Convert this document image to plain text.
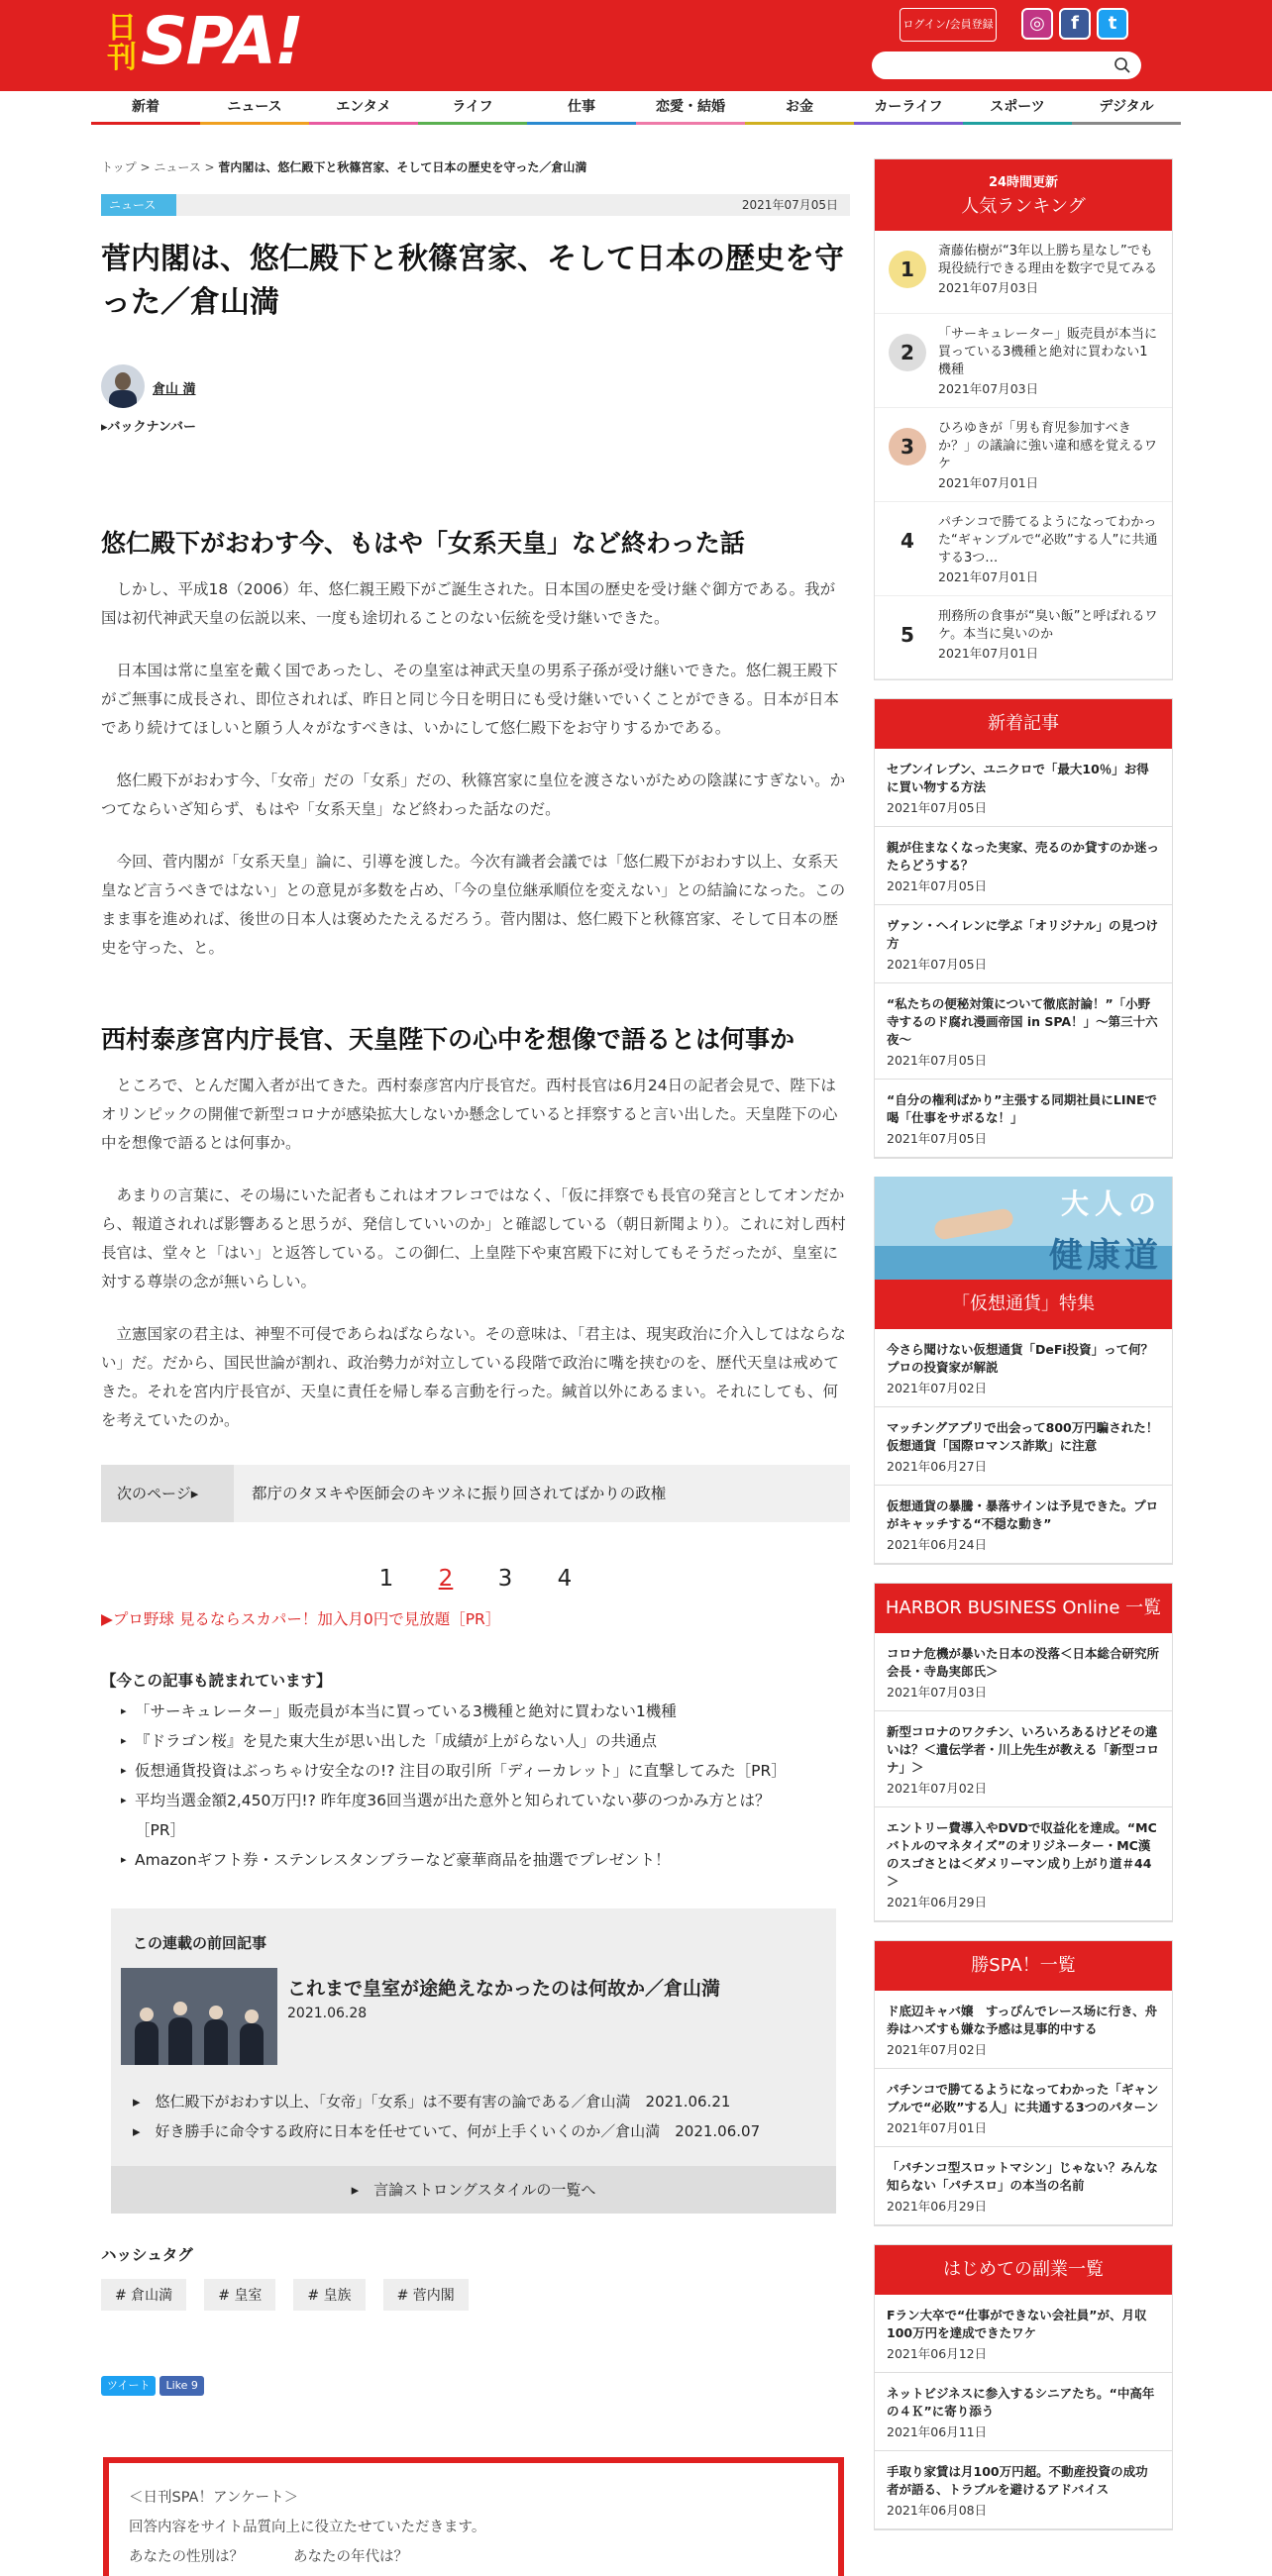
日刊 SPA!	ログイン/会員登録	◎	f	t
新着	ニュース	エンタメ	ライフ	仕事	恋愛・結婚	お金	カーライフ	スポーツ	デジタル
トップ > ニュース > 菅内閣は、悠仁殿下と秋篠宮家、そして日本の歴史を守った／倉山満
ニュース	2021年07月05日
菅内閣は、悠仁殿下と秋篠宮家、そして日本の歴史を守った／倉山満
倉山 満
▸バックナンバー
悠仁殿下がおわす今、もはや「女系天皇」など終わった話

しかし、平成18（2006）年、悠仁親王殿下がご誕生された。日本国の歴史を受け継ぐ御方である。我が国は初代神武天皇の伝説以来、一度も途切れることのない伝統を受け継いできた。

日本国は常に皇室を戴く国であったし、その皇室は神武天皇の男系子孫が受け継いできた。悠仁親王殿下がご無事に成長され、即位されれば、昨日と同じ今日を明日にも受け継いでいくことができる。日本が日本であり続けてほしいと願う人々がなすべきは、いかにして悠仁殿下をお守りするかである。

悠仁殿下がおわす今、「女帝」だの「女系」だの、秋篠宮家に皇位を渡さないがための陰謀にすぎない。かつてならいざ知らず、もはや「女系天皇」など終わった話なのだ。

今回、菅内閣が「女系天皇」論に、引導を渡した。今次有識者会議では「悠仁殿下がおわす以上、女系天皇など言うべきではない」との意見が多数を占め、「今の皇位継承順位を変えない」との結論になった。このまま事を進めれば、後世の日本人は褒めたたえるだろう。菅内閣は、悠仁殿下と秋篠宮家、そして日本の歴史を守った、と。

西村泰彦宮内庁長官、天皇陛下の心中を想像で語るとは何事か

ところで、とんだ闖入者が出てきた。西村泰彦宮内庁長官だ。西村長官は6月24日の記者会見で、陛下はオリンピックの開催で新型コロナが感染拡大しないか懸念していると拝察すると言い出した。天皇陛下の心中を想像で語るとは何事か。

あまりの言葉に、その場にいた記者もこれはオフレコではなく、「仮に拝察でも長官の発言としてオンだから、報道されれば影響あると思うが、発信していいのか」と確認している（朝日新聞より）。これに対し西村長官は、堂々と「はい」と返答している。この御仁、上皇陛下や東宮殿下に対してもそうだったが、皇室に対する尊崇の念が無いらしい。

立憲国家の君主は、神聖不可侵であらねばならない。その意味は、「君主は、現実政治に介入してはならない」だ。だから、国民世論が割れ、政治勢力が対立している段階で政治に嘴を挟むのを、歴代天皇は戒めてきた。それを宮内庁長官が、天皇に責任を帰し奉る言動を行った。緘首以外にあるまい。それにしても、何を考えていたのか。

次のページ▸	都庁のタヌキや医師会のキツネに振り回されてばかりの政権
1 2 3 4
▶プロ野球 見るならスカパー！加入月0円で見放題［PR］
【今この記事も読まれています】
▸ 「サーキュレーター」販売員が本当に買っている3機種と絶対に買わない1機種
▸ 『ドラゴン桜』を見た東大生が思い出した「成績が上がらない人」の共通点
▸ 仮想通貨投資はぶっちゃけ安全なの!? 注目の取引所「ディーカレット」に直撃してみた［PR］
▸ 平均当選金額2,450万円!? 昨年度36回当選が出た意外と知られていない夢のつかみ方とは？
［PR］
▸ Amazonギフト券・ステンレスタンブラーなど豪華商品を抽選でプレゼント！
この連載の前回記事
これまで皇室が途絶えなかったのは何故か／倉山満
2021.06.28
▸　悠仁殿下がおわす以上、「女帝」「女系」は不要有害の論である／倉山満　2021.06.21
▸　好き勝手に命令する政府に日本を任せていて、何が上手くいくのか／倉山満　2021.06.07
▸　言論ストロングスタイルの一覧へ
ハッシュタグ
# 倉山満	# 皇室	# 皇族	# 菅内閣
ツイート	Like 9
＜日刊SPA！アンケート＞
回答内容をサイト品質向上に役立たせていただきます。
あなたの性別は？	あなたの年代は？
24時間更新
人気ランキング
1
斎藤佑樹が“3年以上勝ち星なし”でも現役続行できる理由を数字で見てみる
2021年07月03日
2
「サーキュレーター」販売員が本当に買っている3機種と絶対に買わない1機種
2021年07月03日
3
ひろゆきが「男も育児参加すべきか？」の議論に強い違和感を覚えるワケ
2021年07月01日
4
パチンコで勝てるようになってわかった“ギャンブルで“必敗”する人”に共通する3つ…
2021年07月01日
5
刑務所の食事が“臭い飯”と呼ばれるワケ。本当に臭いのか
2021年07月01日
新着記事
セブンイレブン、ユニクロで「最大10％」お得に買い物する方法
2021年07月05日
親が住まなくなった実家、売るのか貸すのか迷ったらどうする？
2021年07月05日
ヴァン・ヘイレンに学ぶ「オリジナル」の見つけ方
2021年07月05日
“私たちの便秘対策について徹底討論！”「小野寺するのド腐れ漫画帝国 in SPA！」～第三十六夜～
2021年07月05日
“自分の権利ばかり”主張する同期社員にLINEで喝「仕事をサボるな！」
2021年07月05日
大人の
健康道
「仮想通貨」特集
今さら聞けない仮想通貨「DeFi投資」って何？プロの投資家が解説
2021年07月02日
マッチングアプリで出会って800万円騙された！ 仮想通貨「国際ロマンス詐欺」に注意
2021年06月27日
仮想通貨の暴騰・暴落サインは予見できた。プロがキャッチする“不穏な動き”
2021年06月24日
HARBOR BUSINESS Online 一覧
コロナ危機が暴いた日本の没落＜日本総合研究所会長・寺島実郎氏＞
2021年07月03日
新型コロナのワクチン、いろいろあるけどその違いは？＜遺伝学者・川上先生が教える「新型コロナ」＞
2021年07月02日
エントリー費導入やDVDで収益化を達成。“MCバトルのマネタイズ”のオリジネーター・MC漢のスゴさとは＜ダメリーマン成り上がり道＃44＞
2021年06月29日
勝SPA！一覧
ド底辺キャバ嬢　すっぴんでレース场に行き、舟券はハズすも嫌な予感は見事的中する
2021年07月02日
パチンコで勝てるようになってわかった「ギャンブルで“必敗”する人」に共通する3つのパターン
2021年07月01日
「パチンコ型スロットマシン」じゃない？みんな知らない「パチスロ」の本当の名前
2021年06月29日
はじめての副業一覧
Fラン大卒で“仕事ができない会社員”が、月収100万円を達成できたワケ
2021年06月12日
ネットビジネスに参入するシニアたち。“中高年の４Ｋ”に寄り添う
2021年06月11日
手取り家賃は月100万円超。不動産投資の成功者が語る、トラブルを避けるアドバイス
2021年06月08日
